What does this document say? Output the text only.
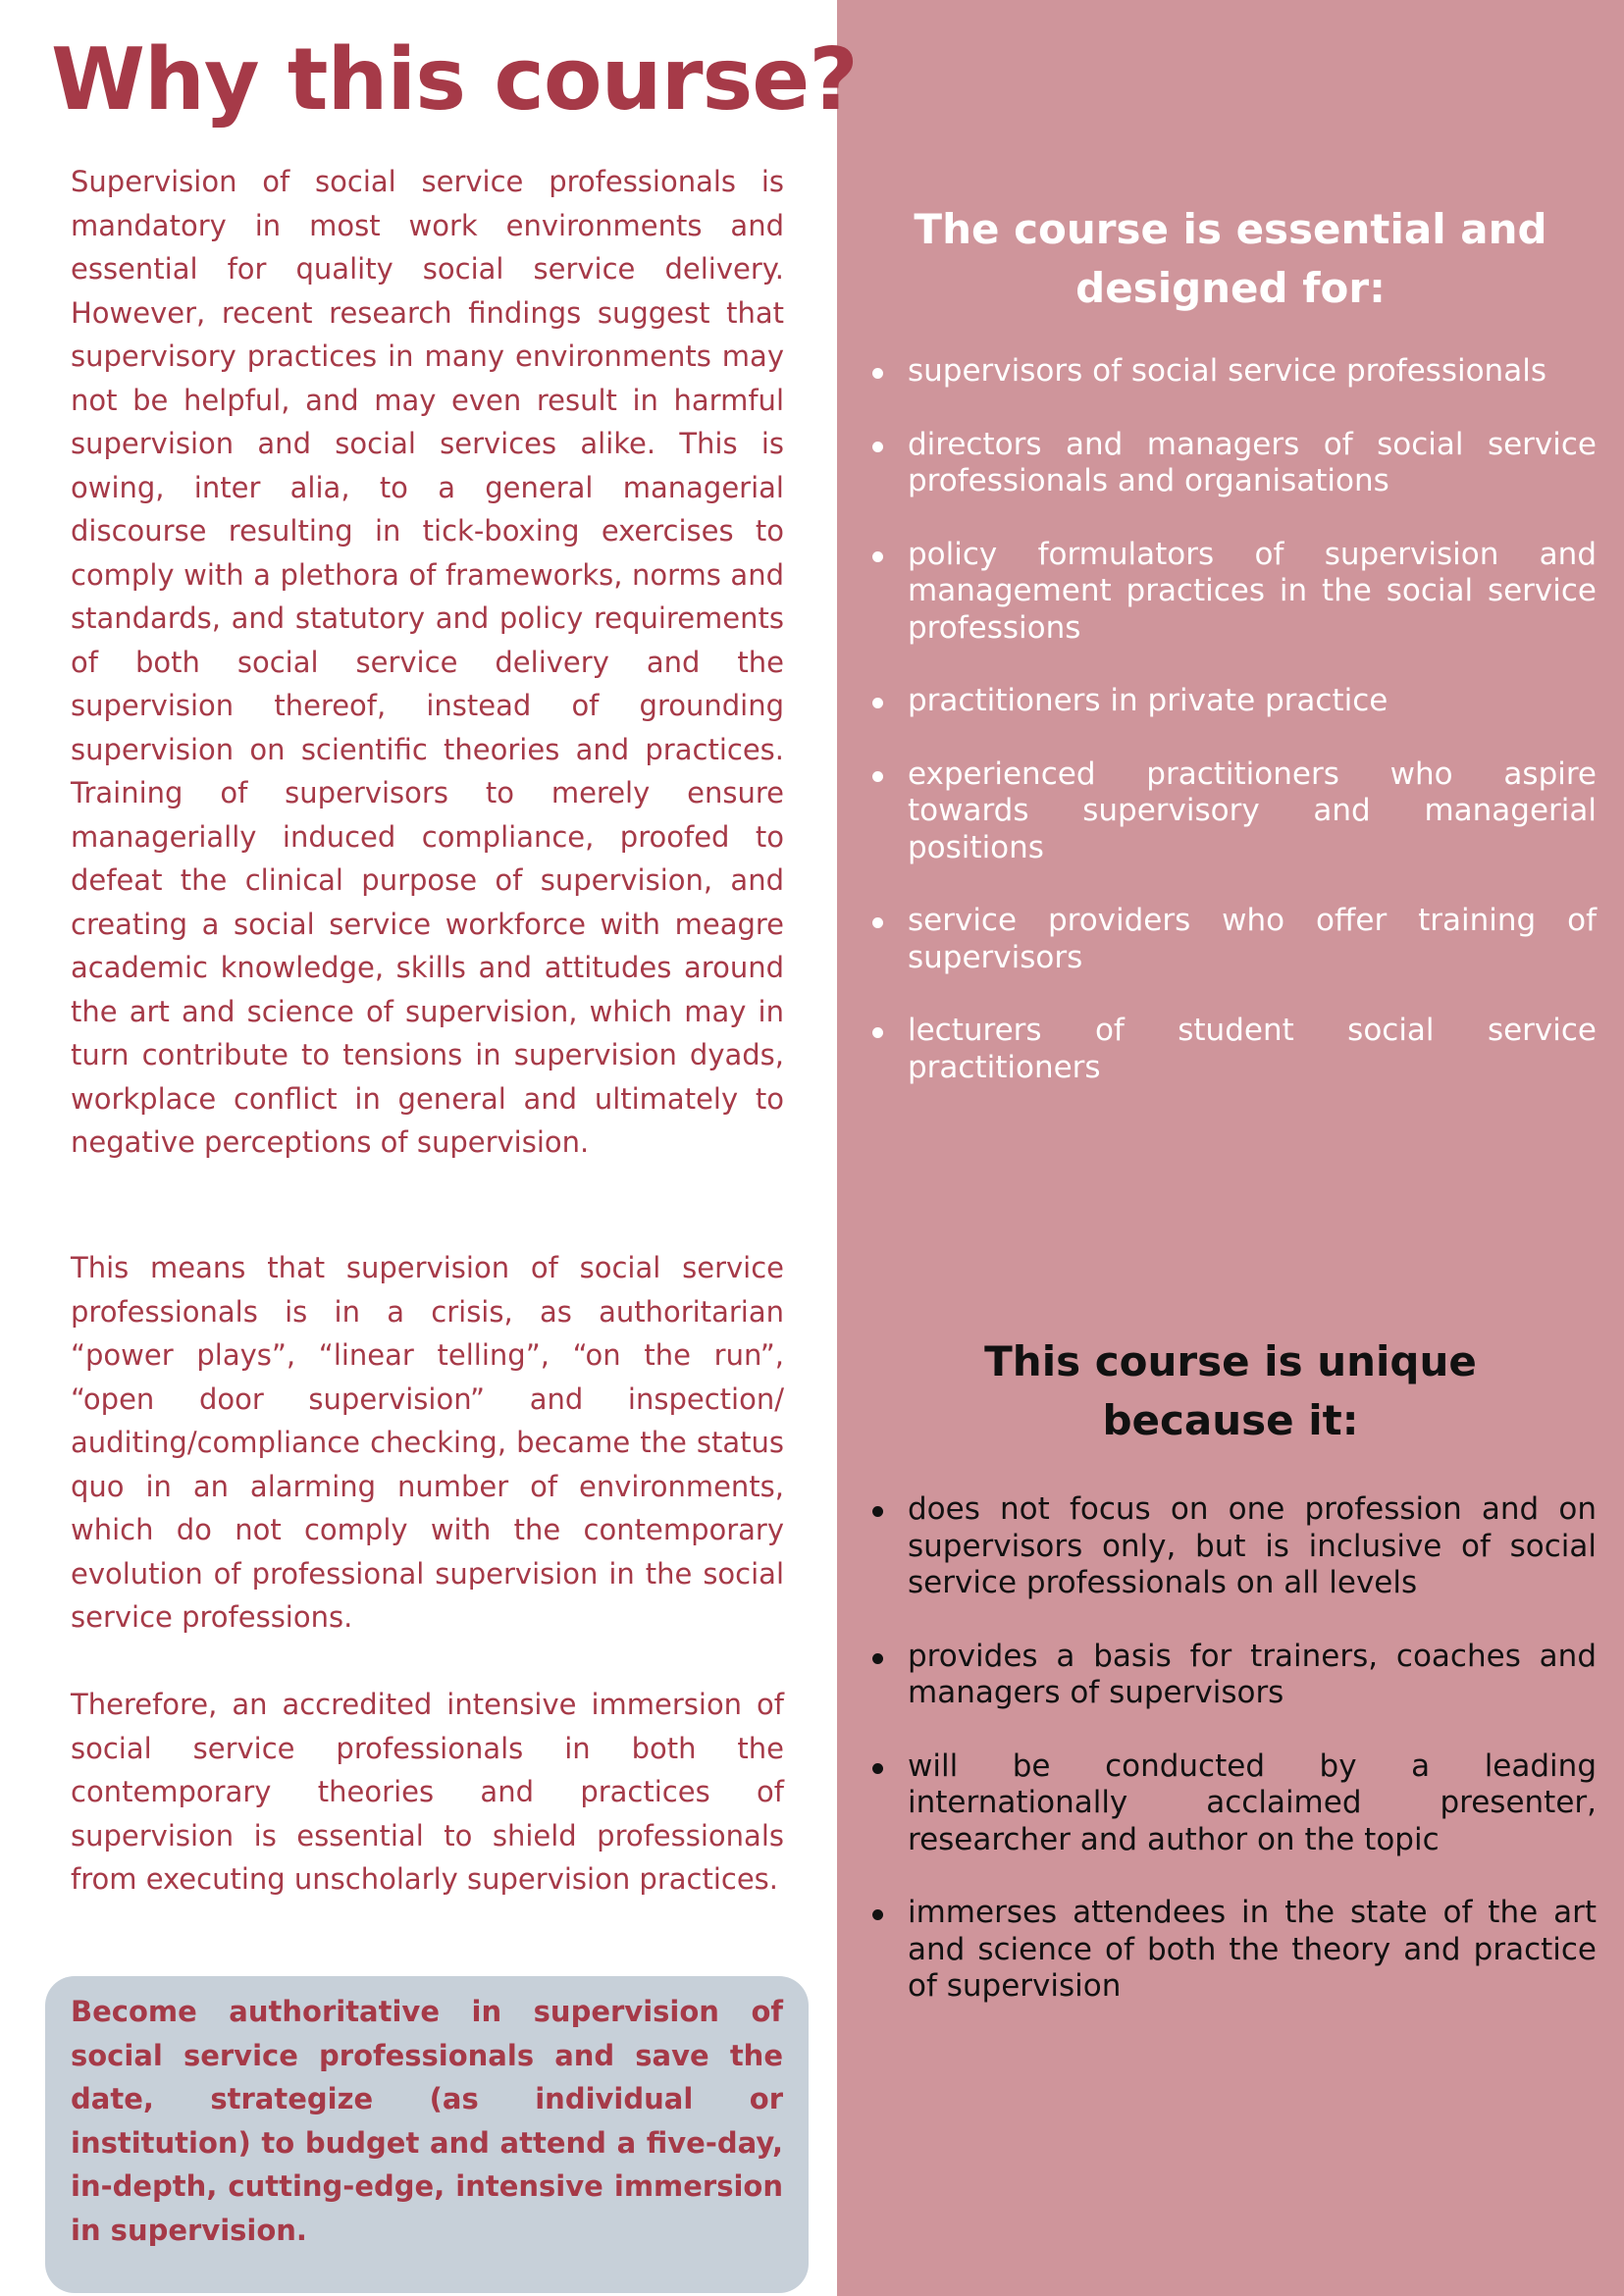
Why this course?

Supervision of social service professionals is mandatory in most work environments and essential for quality social service delivery. However, recent research findings suggest that supervisory practices in many environments may not be helpful, and may even result in harmful supervision and social services alike. This is owing, inter alia, to a general managerial discourse resulting in tick-boxing exercises to comply with a plethora of frameworks, norms and standards, and statutory and policy requirements of both social service delivery and the supervision thereof, instead of grounding supervision on scientific theories and practices. Training of supervisors to merely ensure managerially induced compliance, proofed to defeat the clinical purpose of supervision, and creating a social service workforce with meagre academic knowledge, skills and attitudes around the art and science of supervision, which may in turn contribute to tensions in supervision dyads, workplace conflict in general and ultimately to negative perceptions of supervision.

This means that supervision of social service professionals is in a crisis, as authoritarian “power plays”, “linear telling”, “on the run”, “open door supervision” and inspection/ auditing/compliance checking, became the status quo in an alarming number of environments, which do not comply with the contemporary evolution of professional supervision in the social service professions.

Therefore, an accredited intensive immersion of social service professionals in both the contemporary theories and practices of supervision is essential to shield professionals from executing unscholarly supervision practices.

Become authoritative in supervision of social service professionals and save the date, strategize (as individual or institution) to budget and attend a five-day, in-depth, cutting-edge, intensive immersion in supervision.

The course is essential and
designed for:
supervisors of social service professionals
directors and managers of social service professionals and organisations
policy formulators of supervision and management practices in the social service professions
practitioners in private practice
experienced practitioners who aspire towards supervisory and managerial positions
service providers who offer training of supervisors
lecturers of student social service practitioners
This course is unique
because it:
does not focus on one profession and on supervisors only, but is inclusive of social service professionals on all levels
provides a basis for trainers, coaches and managers of supervisors
will be conducted by a leading internationally acclaimed presenter, researcher and author on the topic
immerses attendees in the state of the art and science of both the theory and practice of supervision
